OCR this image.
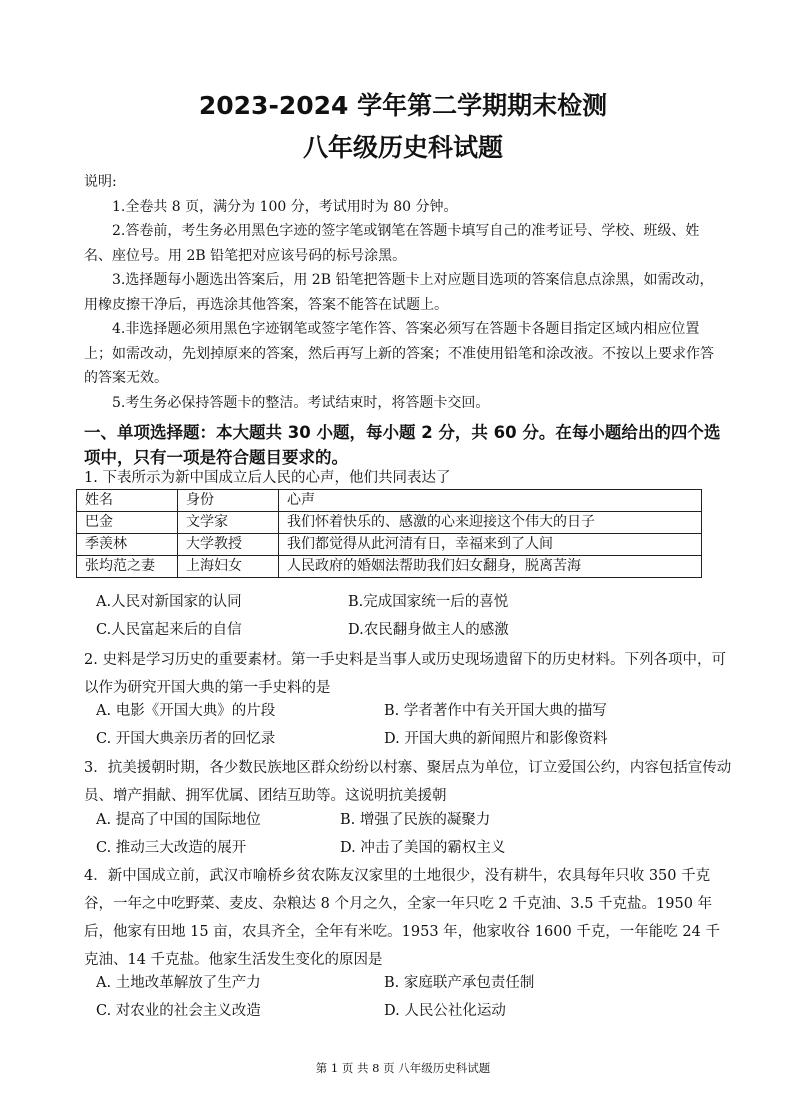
2023-2024 学年第二学期期末检测
八年级历史科试题

说明:

1.全卷共 8 页，满分为 100 分，考试用时为 80 分钟。

2.答卷前，考生务必用黑色字迹的签字笔或钢笔在答题卡填写自己的准考证号、学校、班级、姓名、座位号。用 2B 铅笔把对应该号码的标号涂黑。

3.选择题每小题选出答案后，用 2B 铅笔把答题卡上对应题目选项的答案信息点涂黑，如需改动，用橡皮擦干净后，再选涂其他答案，答案不能答在试题上。

4.非选择题必须用黑色字迹钢笔或签字笔作答、答案必须写在答题卡各题目指定区域内相应位置上；如需改动，先划掉原来的答案，然后再写上新的答案；不准使用铅笔和涂改液。不按以上要求作答的答案无效。

5.考生务必保持答题卡的整洁。考试结束时，将答题卡交回。

一、单项选择题：本大题共 30 小题，每小题 2 分，共 60 分。在每小题给出的四个选项中，只有一项是符合题目要求的。

1. 下表所示为新中国成立后人民的心声，他们共同表达了

姓名	身份	心声
巴金	文学家	我们怀着快乐的、感激的心来迎接这个伟大的日子
季羡林	大学教授	我们都觉得从此河清有日，幸福来到了人间
张均范之妻	上海妇女	人民政府的婚姻法帮助我们妇女翻身，脱离苦海
A.人民对新国家的认同	B.完成国家统一后的喜悦
C.人民富起来后的自信	D.农民翻身做主人的感激

2. 史料是学习历史的重要素材。第一手史料是当事人或历史现场遗留下的历史材料。下列各项中，可以作为研究开国大典的第一手史料的是

A. 电影《开国大典》的片段	B. 学者著作中有关开国大典的描写
C. 开国大典亲历者的回忆录	D. 开国大典的新闻照片和影像资料

3．抗美援朝时期，各少数民族地区群众纷纷以村寨、聚居点为单位，订立爱国公约，内容包括宣传动员、增产捐献、拥军优属、团结互助等。这说明抗美援朝

A. 提高了中国的国际地位	B. 增强了民族的凝聚力
C. 推动三大改造的展开	D. 冲击了美国的霸权主义

4．新中国成立前，武汉市喻桥乡贫农陈友汉家里的土地很少，没有耕牛，农具每年只收 350 千克谷，一年之中吃野菜、麦皮、杂粮达 8 个月之久，全家一年只吃 2 千克油、3.5 千克盐。1950 年后，他家有田地 15 亩，农具齐全，全年有米吃。1953 年，他家收谷 1600 千克，一年能吃 24 千克油、14 千克盐。他家生活发生变化的原因是

A. 土地改革解放了生产力	B. 家庭联产承包责任制
C. 对农业的社会主义改造	D. 人民公社化运动
第 1 页 共 8 页 八年级历史科试题
